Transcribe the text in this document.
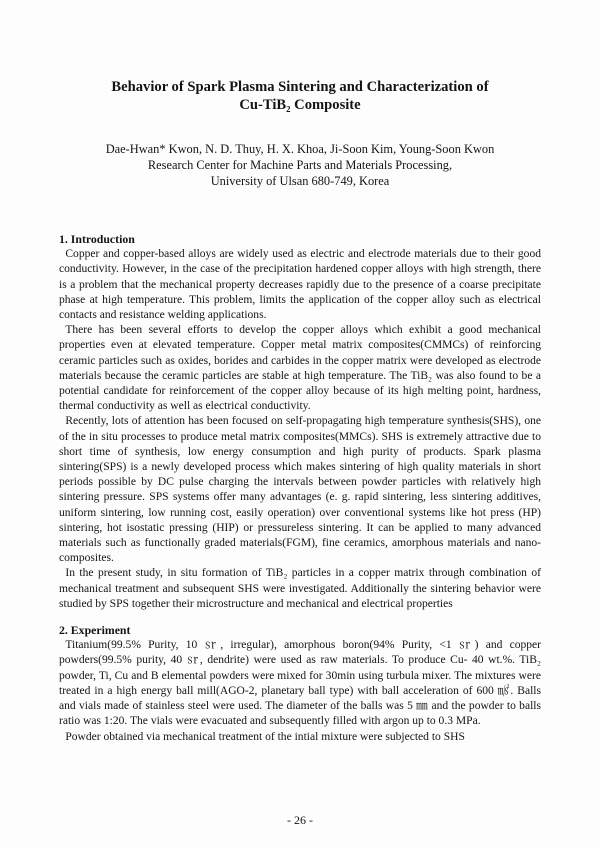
Behavior of Spark Plasma Sintering and Characterization of
Cu-TiB₂ Composite
Dae-Hwan* Kwon, N. D. Thuy, H. X. Khoa, Ji-Soon Kim, Young-Soon Kwon
Research Center for Machine Parts and Materials Processing,
University of Ulsan 680-749, Korea
1. Introduction

Copper and copper-based alloys are widely used as electric and electrode materials due to their good conductivity. However, in the case of the precipitation hardened copper alloys with high strength, there is a problem that the mechanical property decreases rapidly due to the presence of a coarse precipitate phase at high temperature. This problem, limits the application of the copper alloy such as electrical contacts and resistance welding applications.

There has been several efforts to develop the copper alloys which exhibit a good mechanical properties even at elevated temperature. Copper metal matrix composites(CMMCs) of reinforcing ceramic particles such as oxides, borides and carbides in the copper matrix were developed as electrode materials because the ceramic particles are stable at high temperature. The TiB₂ was also found to be a potential candidate for reinforcement of the copper alloy because of its high melting point, hardness, thermal conductivity as well as electrical conductivity.

Recently, lots of attention has been focused on self-propagating high temperature synthesis(SHS), one of the in situ processes to produce metal matrix composites(MMCs). SHS is extremely attractive due to short time of synthesis, low energy consumption and high purity of products. Spark plasma sintering(SPS) is a newly developed process which makes sintering of high quality materials in short periods possible by DC pulse charging the intervals between powder particles with relatively high sintering pressure. SPS systems offer many advantages (e. g. rapid sintering, less sintering additives, uniform sintering, low running cost, easily operation) over conventional systems like hot press (HP) sintering, hot isostatic pressing (HIP) or pressureless sintering. It can be applied to many advanced materials such as functionally graded materials(FGM), fine ceramics, amorphous materials and nano-composites.

In the present study, in situ formation of TiB₂ particles in a copper matrix through combination of mechanical treatment and subsequent SHS were investigated. Additionally the sintering behavior were studied by SPS together their microstructure and mechanical and electrical properties

2. Experiment

Titanium(99.5% Purity, 10 ㏛, irregular), amorphous boron(94% Purity, <1 ㏛) and copper powders(99.5% purity, 40 ㏛, dendrite) were used as raw materials. To produce Cu- 40 wt.%. TiB₂ powder, Ti, Cu and B elemental powders were mixed for 30min using turbula mixer. The mixtures were treated in a high energy ball mill(AGO-2, planetary ball type) with ball acceleration of 600 ㎨. Balls and vials made of stainless steel were used. The diameter of the balls was 5 ㎜ and the powder to balls ratio was 1:20. The vials were evacuated and subsequently filled with argon up to 0.3 MPa.

Powder obtained via mechanical treatment of the intial mixture were subjected to SHS

- 26 -
